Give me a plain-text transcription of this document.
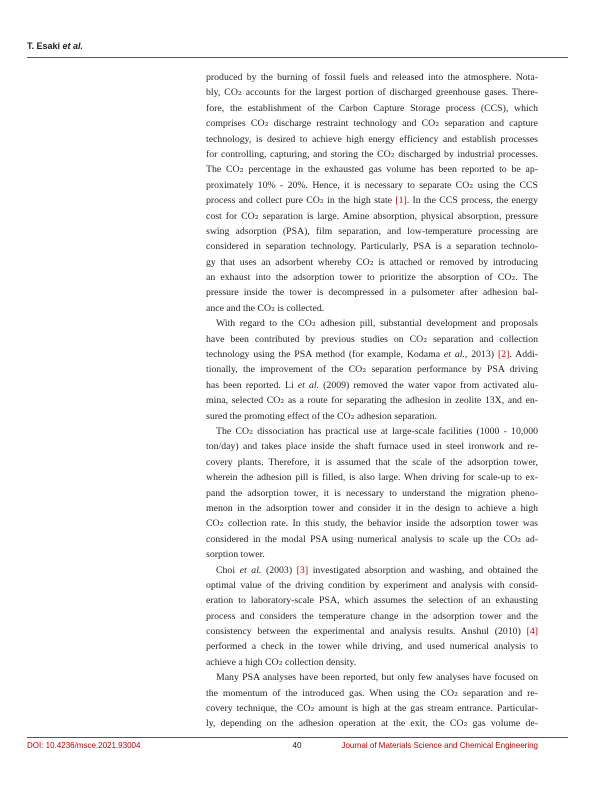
T. Esaki et al.
produced by the burning of fossil fuels and released into the atmosphere. Nota-
bly, CO₂ accounts for the largest portion of discharged greenhouse gases. There-
fore, the establishment of the Carbon Capture Storage process (CCS), which
comprises CO₂ discharge restraint technology and CO₂ separation and capture
technology, is desired to achieve high energy efficiency and establish processes
for controlling, capturing, and storing the CO₂ discharged by industrial processes.
The CO₂ percentage in the exhausted gas volume has been reported to be ap-
proximately 10% - 20%. Hence, it is necessary to separate CO₂ using the CCS
process and collect pure CO₂ in the high state [1]. In the CCS process, the energy
cost for CO₂ separation is large. Amine absorption, physical absorption, pressure
swing adsorption (PSA), film separation, and low-temperature processing are
considered in separation technology. Particularly, PSA is a separation technolo-
gy that uses an adsorbent whereby CO₂ is attached or removed by introducing
an exhaust into the adsorption tower to prioritize the absorption of CO₂. The
pressure inside the tower is decompressed in a pulsometer after adhesion bal-
ance and the CO₂ is collected.
With regard to the CO₂ adhesion pill, substantial development and proposals
have been contributed by previous studies on CO₂ separation and collection
technology using the PSA method (for example, Kodama et al., 2013) [2]. Addi-
tionally, the improvement of the CO₂ separation performance by PSA driving
has been reported. Li et al. (2009) removed the water vapor from activated alu-
mina, selected CO₂ as a route for separating the adhesion in zeolite 13X, and en-
sured the promoting effect of the CO₂ adhesion separation.
The CO₂ dissociation has practical use at large-scale facilities (1000 - 10,000
ton/day) and takes place inside the shaft furnace used in steel ironwork and re-
covery plants. Therefore, it is assumed that the scale of the adsorption tower,
wherein the adhesion pill is filled, is also large. When driving for scale-up to ex-
pand the adsorption tower, it is necessary to understand the migration pheno-
menon in the adsorption tower and consider it in the design to achieve a high
CO₂ collection rate. In this study, the behavior inside the adsorption tower was
considered in the modal PSA using numerical analysis to scale up the CO₂ ad-
sorption tower.
Choi et al. (2003) [3] investigated absorption and washing, and obtained the
optimal value of the driving condition by experiment and analysis with consid-
eration to laboratory-scale PSA, which assumes the selection of an exhausting
process and considers the temperature change in the adsorption tower and the
consistency between the experimental and analysis results. Anshul (2010) [4]
performed a check in the tower while driving, and used numerical analysis to
achieve a high CO₂ collection density.
Many PSA analyses have been reported, but only few analyses have focused on
the momentum of the introduced gas. When using the CO₂ separation and re-
covery technique, the CO₂ amount is high at the gas stream entrance. Particular-
ly, depending on the adhesion operation at the exit, the CO₂ gas volume de-
DOI: 10.4236/msce.2021.93004	40	Journal of Materials Science and Chemical Engineering
